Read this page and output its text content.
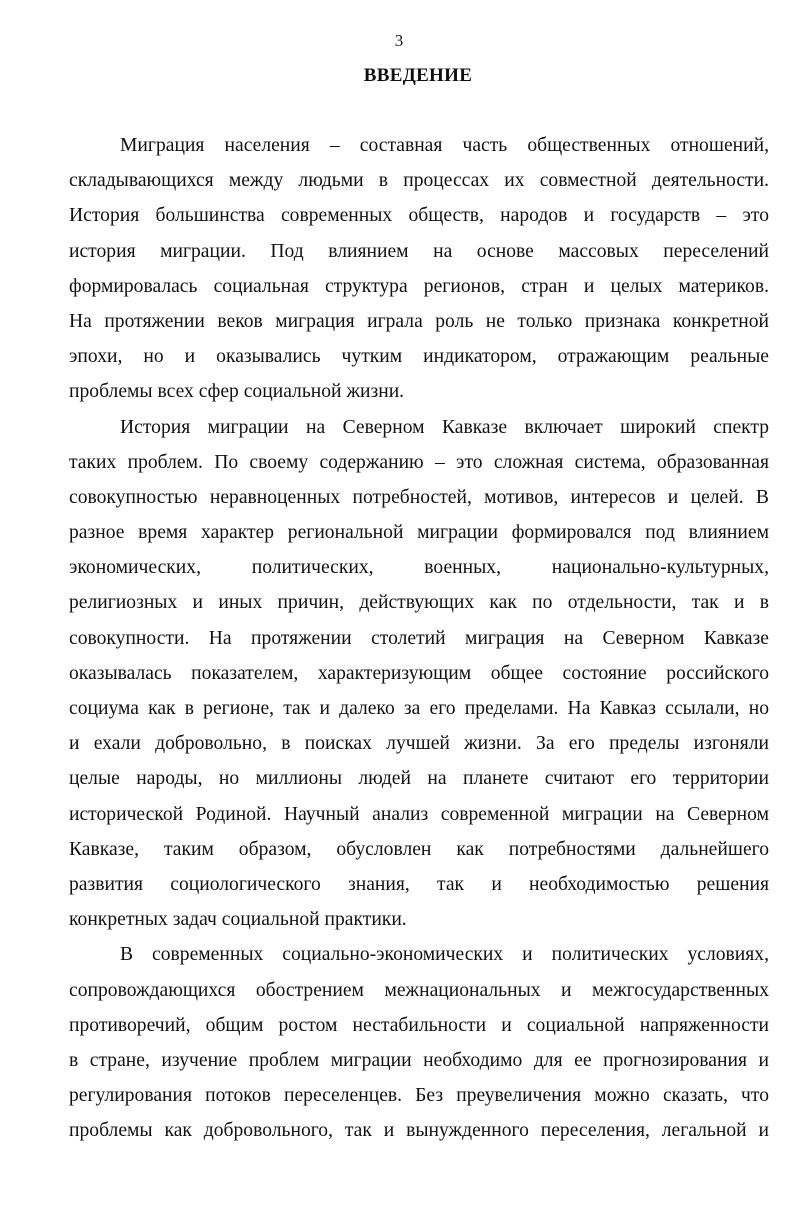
3
ВВЕДЕНИЕ
Миграция населения – составная часть общественных отношений,
складывающихся между людьми в процессах их совместной деятельности.
История большинства современных обществ, народов и государств – это
история миграции. Под влиянием на основе массовых переселений
формировалась социальная структура регионов, стран и целых материков.
На протяжении веков миграция играла роль не только признака конкретной
эпохи, но и оказывались чутким индикатором, отражающим реальные
проблемы всех сфер социальной жизни.
История миграции на Северном Кавказе включает широкий спектр
таких проблем. По своему содержанию – это сложная система, образованная
совокупностью неравноценных потребностей, мотивов, интересов и целей. В
разное время характер региональной миграции формировался под влиянием
экономических, политических, военных, национально-культурных,
религиозных и иных причин, действующих как по отдельности, так и в
совокупности. На протяжении столетий миграция на Северном Кавказе
оказывалась показателем, характеризующим общее состояние российского
социума как в регионе, так и далеко за его пределами. На Кавказ ссылали, но
и ехали добровольно, в поисках лучшей жизни. За его пределы изгоняли
целые народы, но миллионы людей на планете считают его территории
исторической Родиной. Научный анализ современной миграции на Северном
Кавказе, таким образом, обусловлен как потребностями дальнейшего
развития социологического знания, так и необходимостью решения
конкретных задач социальной практики.
В современных социально-экономических и политических условиях,
сопровождающихся обострением межнациональных и межгосударственных
противоречий, общим ростом нестабильности и социальной напряженности
в стране, изучение проблем миграции необходимо для ее прогнозирования и
регулирования потоков переселенцев. Без преувеличения можно сказать, что
проблемы как добровольного, так и вынужденного переселения, легальной и
